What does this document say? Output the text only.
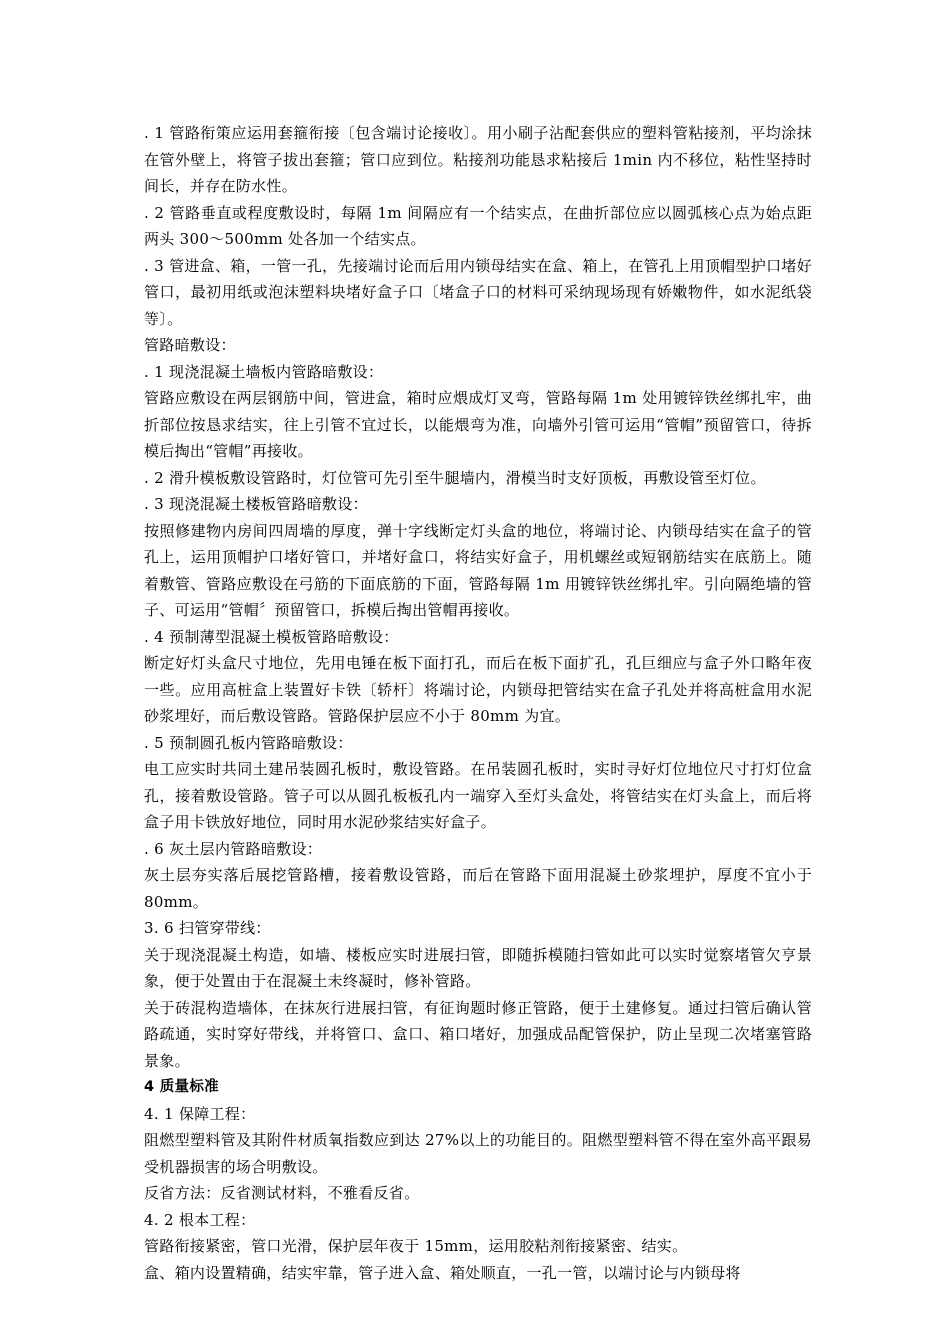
. 1 管路衔策应运用套箍衔接〔包含端讨论接收〕。用小刷子沾配套供应的塑料管粘接剂，平均涂抹在管外壁上，将管子拔出套箍；管口应到位。粘接剂功能恳求粘接后 1min 内不移位，粘性坚持时间长，并存在防水性。

. 2 管路垂直或程度敷设时，每隔 1m 间隔应有一个结实点，在曲折部位应以圆弧核心点为始点距两头 300～500mm 处各加一个结实点。

. 3 管进盒、箱，一管一孔，先接端讨论而后用内锁母结实在盒、箱上，在管孔上用顶帽型护口堵好管口，最初用纸或泡沫塑料块堵好盒子口〔堵盒子口的材料可采纳现场现有娇嫩物件，如水泥纸袋等〕。

管路暗敷设：

. 1 现浇混凝土墙板内管路暗敷设：

管路应敷设在两层钢筋中间，管进盒，箱时应煨成灯叉弯，管路每隔 1m 处用镀锌铁丝绑扎牢，曲折部位按恳求结实，往上引管不宜过长，以能煨弯为准，向墙外引管可运用“管帽”预留管口，待拆模后掏出“管帽”再接收。

. 2 滑升模板敷设管路时，灯位管可先引至牛腿墙内，滑模当时支好顶板，再敷设管至灯位。

. 3 现浇混凝土楼板管路暗敷设：

按照修建物内房间四周墙的厚度，弹十字线断定灯头盒的地位，将端讨论、内锁母结实在盒子的管孔上，运用顶帽护口堵好管口，并堵好盒口，将结实好盒子，用机螺丝或短钢筋结实在底筋上。随着敷管、管路应敷设在弓筋的下面底筋的下面，管路每隔 1m 用镀锌铁丝绑扎牢。引向隔绝墙的管子、可运用“管帽〞预留管口，拆模后掏出管帽再接收。

. 4 预制薄型混凝土模板管路暗敷设：

断定好灯头盒尺寸地位，先用电锤在板下面打孔，而后在板下面扩孔，孔巨细应与盒子外口略年夜一些。应用高桩盒上装置好卡铁〔轿杆〕将端讨论，内锁母把管结实在盒子孔处并将高桩盒用水泥砂浆埋好，而后敷设管路。管路保护层应不小于 80mm 为宜。

. 5 预制圆孔板内管路暗敷设：

电工应实时共同土建吊装圆孔板时，敷设管路。在吊装圆孔板时，实时寻好灯位地位尺寸打灯位盒孔，接着敷设管路。管子可以从圆孔板板孔内一端穿入至灯头盒处，将管结实在灯头盒上，而后将盒子用卡铁放好地位，同时用水泥砂浆结实好盒子。

. 6 灰土层内管路暗敷设：

灰土层夯实落后展挖管路槽，接着敷设管路，而后在管路下面用混凝土砂浆埋护，厚度不宜小于 80mm。

3. 6 扫管穿带线：

关于现浇混凝土构造，如墙、楼板应实时进展扫管，即随拆模随扫管如此可以实时觉察堵管欠亨景象，便于处置由于在混凝土未终凝时，修补管路。

关于砖混构造墙体，在抹灰行进展扫管，有征询题时修正管路，便于土建修复。通过扫管后确认管路疏通，实时穿好带线，并将管口、盒口、箱口堵好，加强成品配管保护，防止呈现二次堵塞管路景象。

4 质量标准

4. 1 保障工程：

阻燃型塑料管及其附件材质氧指数应到达 27%以上的功能目的。阻燃型塑料管不得在室外高平跟易受机器损害的场合明敷设。

反省方法：反省测试材料，不雅看反省。

4. 2 根本工程：

管路衔接紧密，管口光滑，保护层年夜于 15mm，运用胶粘剂衔接紧密、结实。

盒、箱内设置精确，结实牢靠，管子进入盒、箱处顺直，一孔一管，以端讨论与内锁母将
